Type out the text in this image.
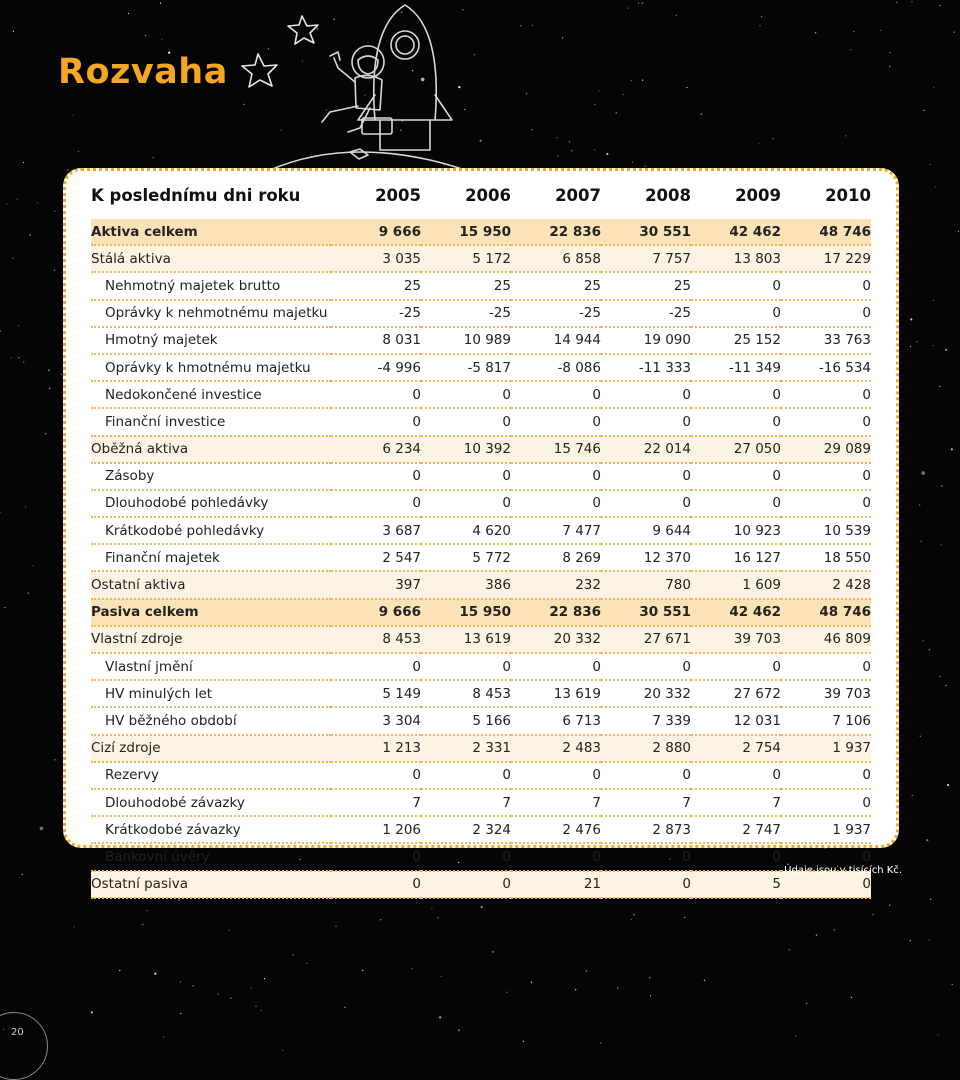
Rozvaha
K poslednímu dni roku	2005	2006	2007	2008	2009	2010
Aktiva celkem	9 666	15 950	22 836	30 551	42 462	48 746
Stálá aktiva	3 035	5 172	6 858	7 757	13 803	17 229
Nehmotný majetek brutto	25	25	25	25	0	0
Oprávky k nehmotnému majetku	-25	-25	-25	-25	0	0
Hmotný majetek	8 031	10 989	14 944	19 090	25 152	33 763
Oprávky k hmotnému majetku	-4 996	-5 817	-8 086	-11 333	-11 349	-16 534
Nedokončené investice	0	0	0	0	0	0
Finanční investice	0	0	0	0	0	0
Oběžná aktiva	6 234	10 392	15 746	22 014	27 050	29 089
Zásoby	0	0	0	0	0	0
Dlouhodobé pohledávky	0	0	0	0	0	0
Krátkodobé pohledávky	3 687	4 620	7 477	9 644	10 923	10 539
Finanční majetek	2 547	5 772	8 269	12 370	16 127	18 550
Ostatní aktiva	397	386	232	780	1 609	2 428
Pasiva celkem	9 666	15 950	22 836	30 551	42 462	48 746
Vlastní zdroje	8 453	13 619	20 332	27 671	39 703	46 809
Vlastní jmění	0	0	0	0	0	0
HV minulých let	5 149	8 453	13 619	20 332	27 672	39 703
HV běžného období	3 304	5 166	6 713	7 339	12 031	7 106
Cizí zdroje	1 213	2 331	2 483	2 880	2 754	1 937
Rezervy	0	0	0	0	0	0
Dlouhodobé závazky	7	7	7	7	7	0
Krátkodobé závazky	1 206	2 324	2 476	2 873	2 747	1 937
Bankovní úvěry	0	0	0	0	0	0
Ostatní pasiva	0	0	21	0	5	0
Údaje jsou v tisících Kč.
20
